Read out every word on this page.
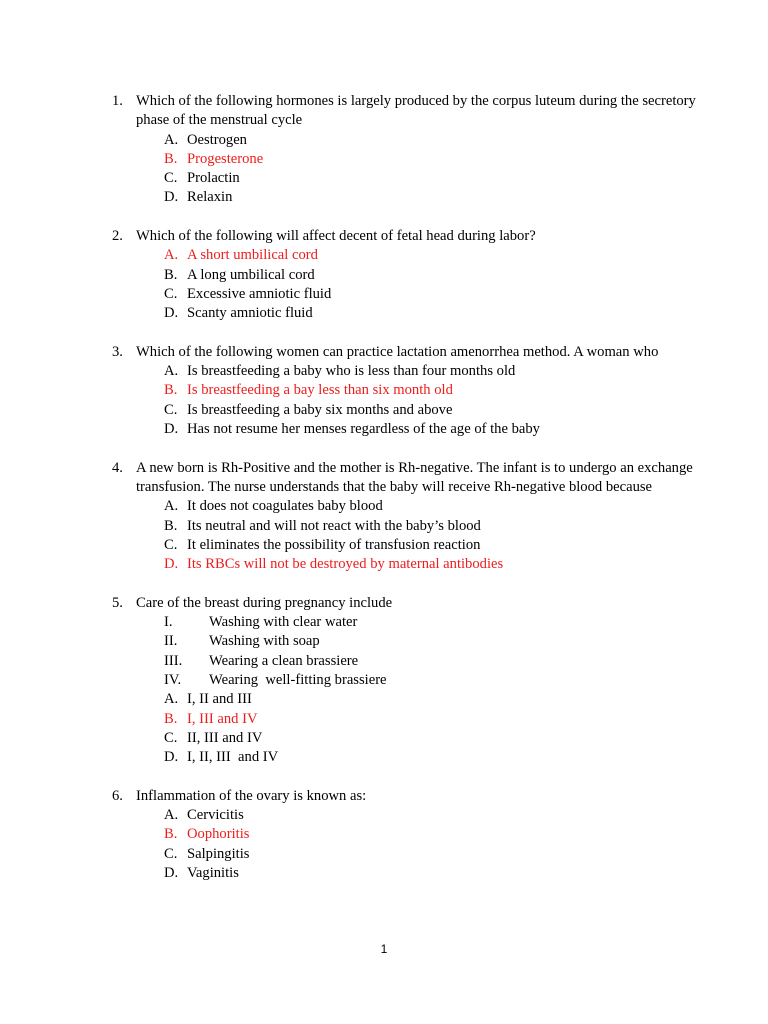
1. Which of the following hormones is largely produced by the corpus luteum during the secretory phase of the menstrual cycle
A. Oestrogen
B. Progesterone
C. Prolactin
D. Relaxin
2. Which of the following will affect decent of fetal head during labor?
A. A short umbilical cord
B. A long umbilical cord
C. Excessive amniotic fluid
D. Scanty amniotic fluid
3. Which of the following women can practice lactation amenorrhea method. A woman who
A. Is breastfeeding a baby who is less than four months old
B. Is breastfeeding a bay less than six month old
C. Is breastfeeding a baby six months and above
D. Has not resume her menses regardless of the age of the baby
4. A new born is Rh-Positive and the mother is Rh-negative. The infant is to undergo an exchange transfusion. The nurse understands that the baby will receive Rh-negative blood because
A. It does not coagulates baby blood
B. Its neutral and will not react with the baby’s blood
C. It eliminates the possibility of transfusion reaction
D. Its RBCs will not be destroyed by maternal antibodies
5. Care of the breast during pregnancy include
I. Washing with clear water
II. Washing with soap
III. Wearing a clean brassiere
IV. Wearing  well-fitting brassiere
A. I, II and III
B. I, III and IV
C. II, III and IV
D. I, II, III  and IV
6. Inflammation of the ovary is known as:
A. Cervicitis
B. Oophoritis
C. Salpingitis
D. Vaginitis
1
